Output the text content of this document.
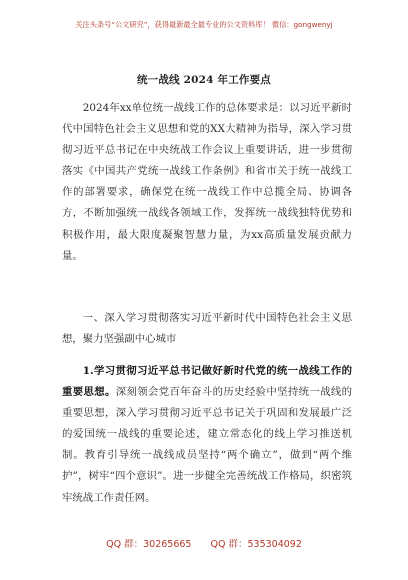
关注头条号“公文研究”，获得最新最全最专业的公文资料库！ 微信：gongwenyj
统一战线 2024 年工作要点
2024年xx单位统一战线工作的总体要求是：以习近平新时代中国特色社会主义思想和党的XX大精神为指导，深入学习贯彻习近平总书记在中央统战工作会议上重要讲话，进一步贯彻落实《中国共产党统一战线工作条例》和省市关于统一战线工作的部署要求，确保党在统一战线工作中总揽全局、协调各方，不断加强统一战线各领域工作，发挥统一战线独特优势和积极作用，最大限度凝聚智慧力量，为xx高质量发展贡献力量。
一、深入学习贯彻落实习近平新时代中国特色社会主义思想，聚力坚强副中心城市
1.学习贯彻习近平总书记做好新时代党的统一战线工作的重要思想。深刻领会党百年奋斗的历史经验中坚持统一战线的重要思想，深入学习贯彻习近平总书记关于巩固和发展最广泛的爱国统一战线的重要论述，建立常态化的线上学习推送机制。教育引导统一战线成员坚持“两个确立”，做到“两个维护”，树牢“四个意识”。进一步健全完善统战工作格局，织密筑牢统战工作责任网。
QQ 群：30265665 QQ 群：535304092
